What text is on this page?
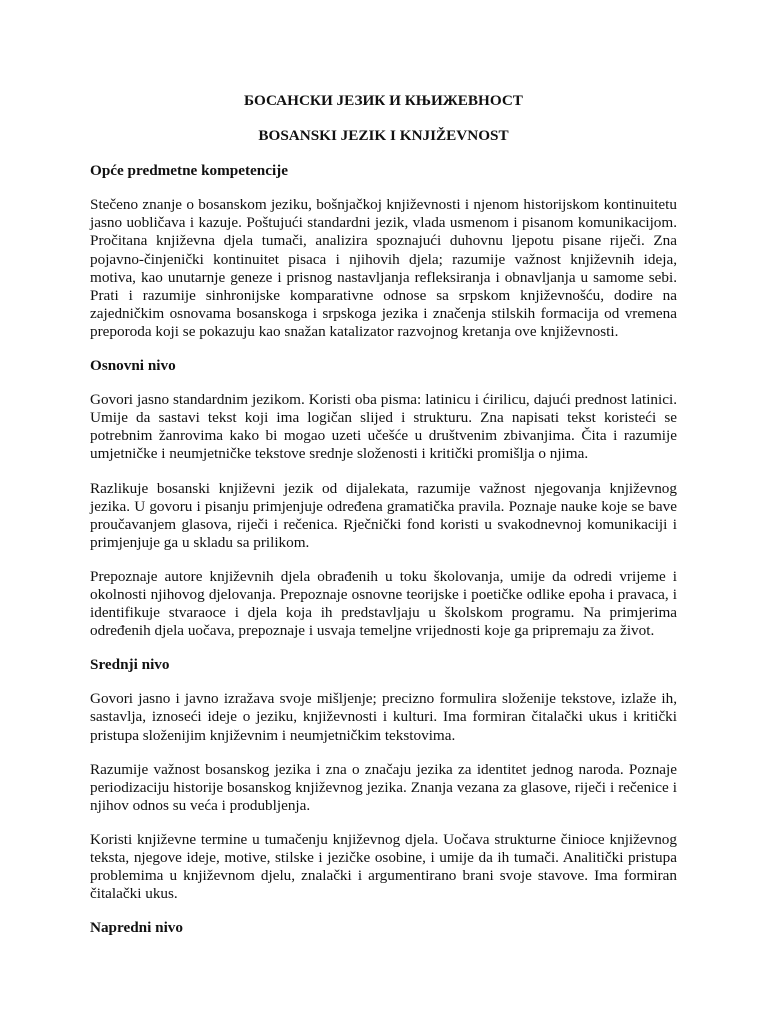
БОСАНСКИ ЈЕЗИК И КЊИЖЕВНОСТ

BOSANSKI JEZIK I KNJIŽEVNOST

Opće predmetne kompetencije

Stečeno znanje o bosanskom jeziku, bošnjačkoj književnosti i njenom historijskom kontinuitetu jasno uobličava i kazuje. Poštujući standardni jezik, vlada usmenom i pisanom komunikacijom. Pročitana književna djela tumači, analizira spoznajući duhovnu ljepotu pisane riječi. Zna pojavno-činjenički kontinuitet pisaca i njihovih djela; razumije važnost književnih ideja, motiva, kao unutarnje geneze i prisnog nastavljanja refleksiranja i obnavljanja u samome sebi. Prati i razumije sinhronijske komparativne odnose sa srpskom književnošću, dodire na zajedničkim osnovama bosanskoga i srpskoga jezika i značenja stilskih formacija od vremena preporoda koji se pokazuju kao snažan katalizator razvojnog kretanja ove književnosti.

Osnovni nivo

Govori jasno standardnim jezikom. Koristi oba pisma: latinicu i ćirilicu, dajući prednost latinici. Umije da sastavi tekst koji ima logičan slijed i strukturu. Zna napisati tekst koristeći se potrebnim žanrovima kako bi mogao uzeti učešće u društvenim zbivanjima. Čita i razumije umjetničke i neumjetničke tekstove srednje složenosti i kritički promišlja o njima.

Razlikuje bosanski književni jezik od dijalekata, razumije važnost njegovanja književnog jezika. U govoru i pisanju primjenjuje određena gramatička pravila. Poznaje nauke koje se bave proučavanjem glasova, riječi i rečenica. Rječnički fond koristi u svakodnevnoj komunikaciji i primjenjuje ga u skladu sa prilikom.

Prepoznaje autore književnih djela obrađenih u toku školovanja, umije da odredi vrijeme i okolnosti njihovog djelovanja. Prepoznaje osnovne teorijske i poetičke odlike epoha i pravaca, i identifikuje stvaraoce i djela koja ih predstavljaju u školskom programu. Na primjerima određenih djela uočava, prepoznaje i usvaja temeljne vrijednosti koje ga pripremaju za život.

Srednji nivo

Govori jasno i javno izražava svoje mišljenje; precizno formulira složenije tekstove, izlaže ih, sastavlja, iznoseći ideje o jeziku, književnosti i kulturi. Ima formiran čitalački ukus i kritički pristupa složenijim književnim i neumjetničkim tekstovima.

Razumije važnost bosanskog jezika i zna o značaju jezika za identitet jednog naroda. Poznaje periodizaciju historije bosanskog književnog jezika. Znanja vezana za glasove, riječi i rečenice i njihov odnos su veća i produbljenja.

Koristi književne termine u tumačenju književnog djela. Uočava strukturne činioce književnog teksta, njegove ideje, motive, stilske i jezičke osobine, i umije da ih tumači. Analitički pristupa problemima u književnom djelu, znalački i argumentirano brani svoje stavove. Ima formiran čitalački ukus.

Napredni nivo
